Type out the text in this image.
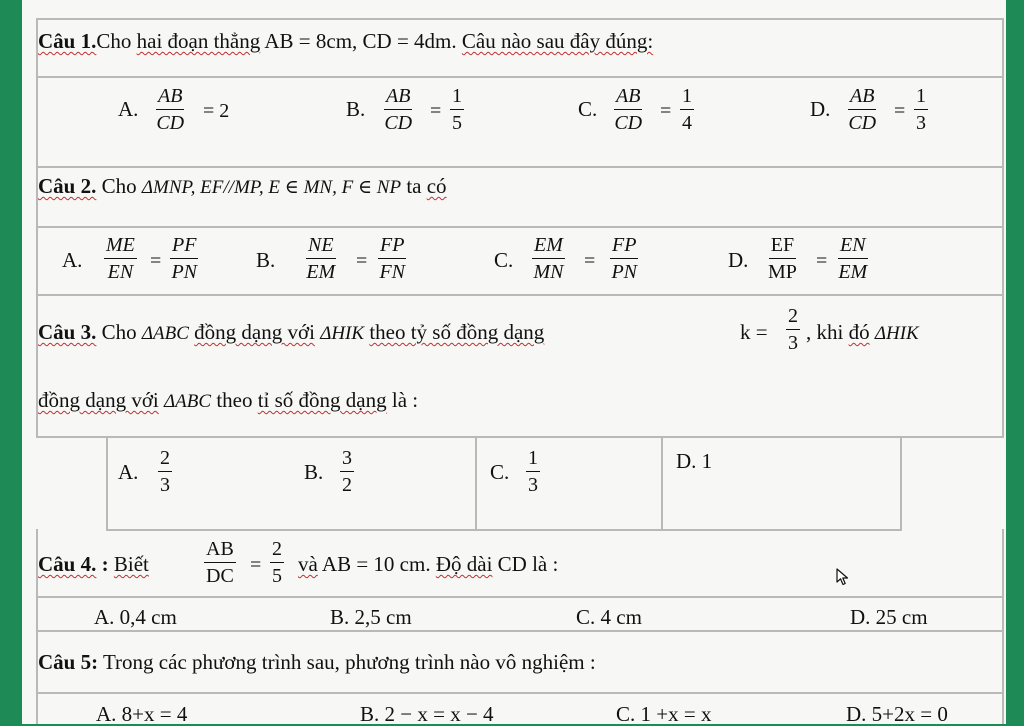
Câu 1.Cho hai đoạn thẳng AB = 8cm, CD = 4dm. Câu nào sau đây đúng:
A. $\frac{AB}{CD} = 2$	B. $\frac{AB}{CD} = \frac{1}{5}$	C. $\frac{AB}{CD} = \frac{1}{4}$	D. $\frac{AB}{CD} = \frac{1}{3}$
Câu 2. Cho ΔMNP, EF//MP, E ∈ MN, F ∈ NP ta có
A. $\frac{ME}{EN} = \frac{PF}{PN}$	B. $\frac{NE}{EM} = \frac{FP}{FN}$	C. $\frac{EM}{MN} = \frac{FP}{PN}$	D. $\frac{EF}{MP} = \frac{EN}{EM}$
Câu 3. Cho ΔABC đồng dạng với ΔHIK theo tỷ số đồng dạng	$k = \frac{2}{3}$ , khi đó ΔHIK
đồng dạng với ΔABC theo tỉ số đồng dạng là :
A. $\frac{2}{3}$	B. $\frac{3}{2}$	C. $\frac{1}{3}$	D. 1
Câu 4. : Biết	$\frac{AB}{DC} = \frac{2}{5}$ và AB = 10 cm. Độ dài CD là :
A. 0,4 cm	B. 2,5 cm	C. 4 cm	D. 25 cm
Câu 5: Trong các phương trình sau, phương trình nào vô nghiệm :
A. 8+x = 4	B. 2 − x = x − 4	C. 1 +x = x	D. 5+2x = 0
